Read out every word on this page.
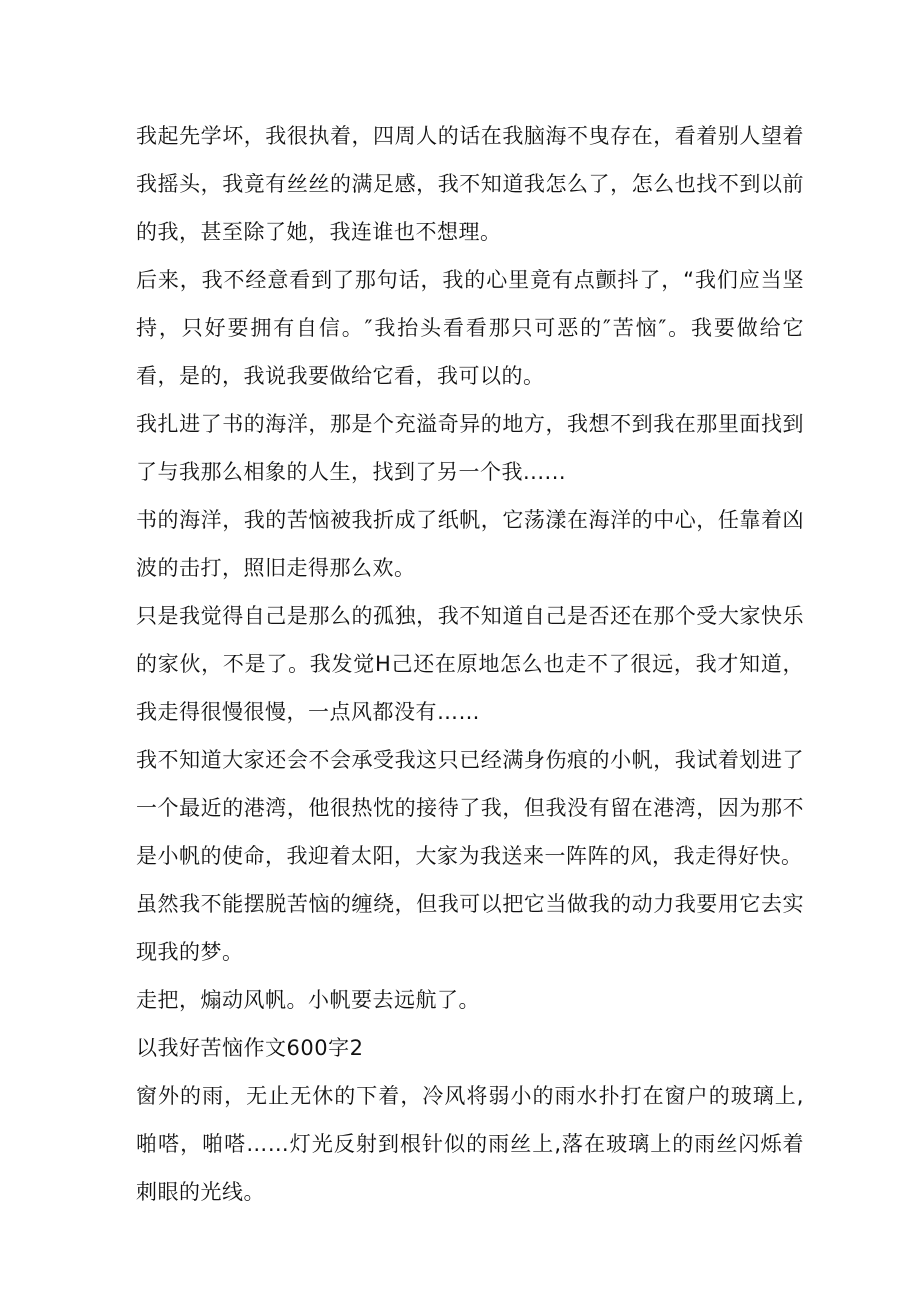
我起先学坏，我很执着，四周人的话在我脑海不曳存在，看着别人望着我摇头，我竟有丝丝的满足感，我不知道我怎么了，怎么也找不到以前的我，甚至除了她，我连谁也不想理。

后来，我不经意看到了那句话，我的心里竟有点颤抖了，“我们应当坚持，只好要拥有自信。″我抬头看看那只可恶的″苦恼″。我要做给它看，是的，我说我要做给它看，我可以的。

我扎进了书的海洋，那是个充溢奇异的地方，我想不到我在那里面找到了与我那么相象的人生，找到了另一个我......

书的海洋，我的苦恼被我折成了纸帆，它荡漾在海洋的中心，任靠着凶波的击打，照旧走得那么欢。

只是我觉得自己是那么的孤独，我不知道自己是否还在那个受大家快乐的家伙，不是了。我发觉H己还在原地怎么也走不了很远，我才知道，我走得很慢很慢，一点风都没有……

我不知道大家还会不会承受我这只已经满身伤痕的小帆，我试着划进了一个最近的港湾，他很热忱的接待了我，但我没有留在港湾，因为那不是小帆的使命，我迎着太阳，大家为我送来一阵阵的风，我走得好快。

虽然我不能摆脱苦恼的缠绕，但我可以把它当做我的动力我要用它去实现我的梦。

走把，煽动风帆。小帆要去远航了。

以我好苦恼作文600字2

窗外的雨，无止无休的下着，冷风将弱小的雨水扑打在窗户的玻璃上,啪嗒，啪嗒……灯光反射到根针似的雨丝上,落在玻璃上的雨丝闪烁着刺眼的光线。
